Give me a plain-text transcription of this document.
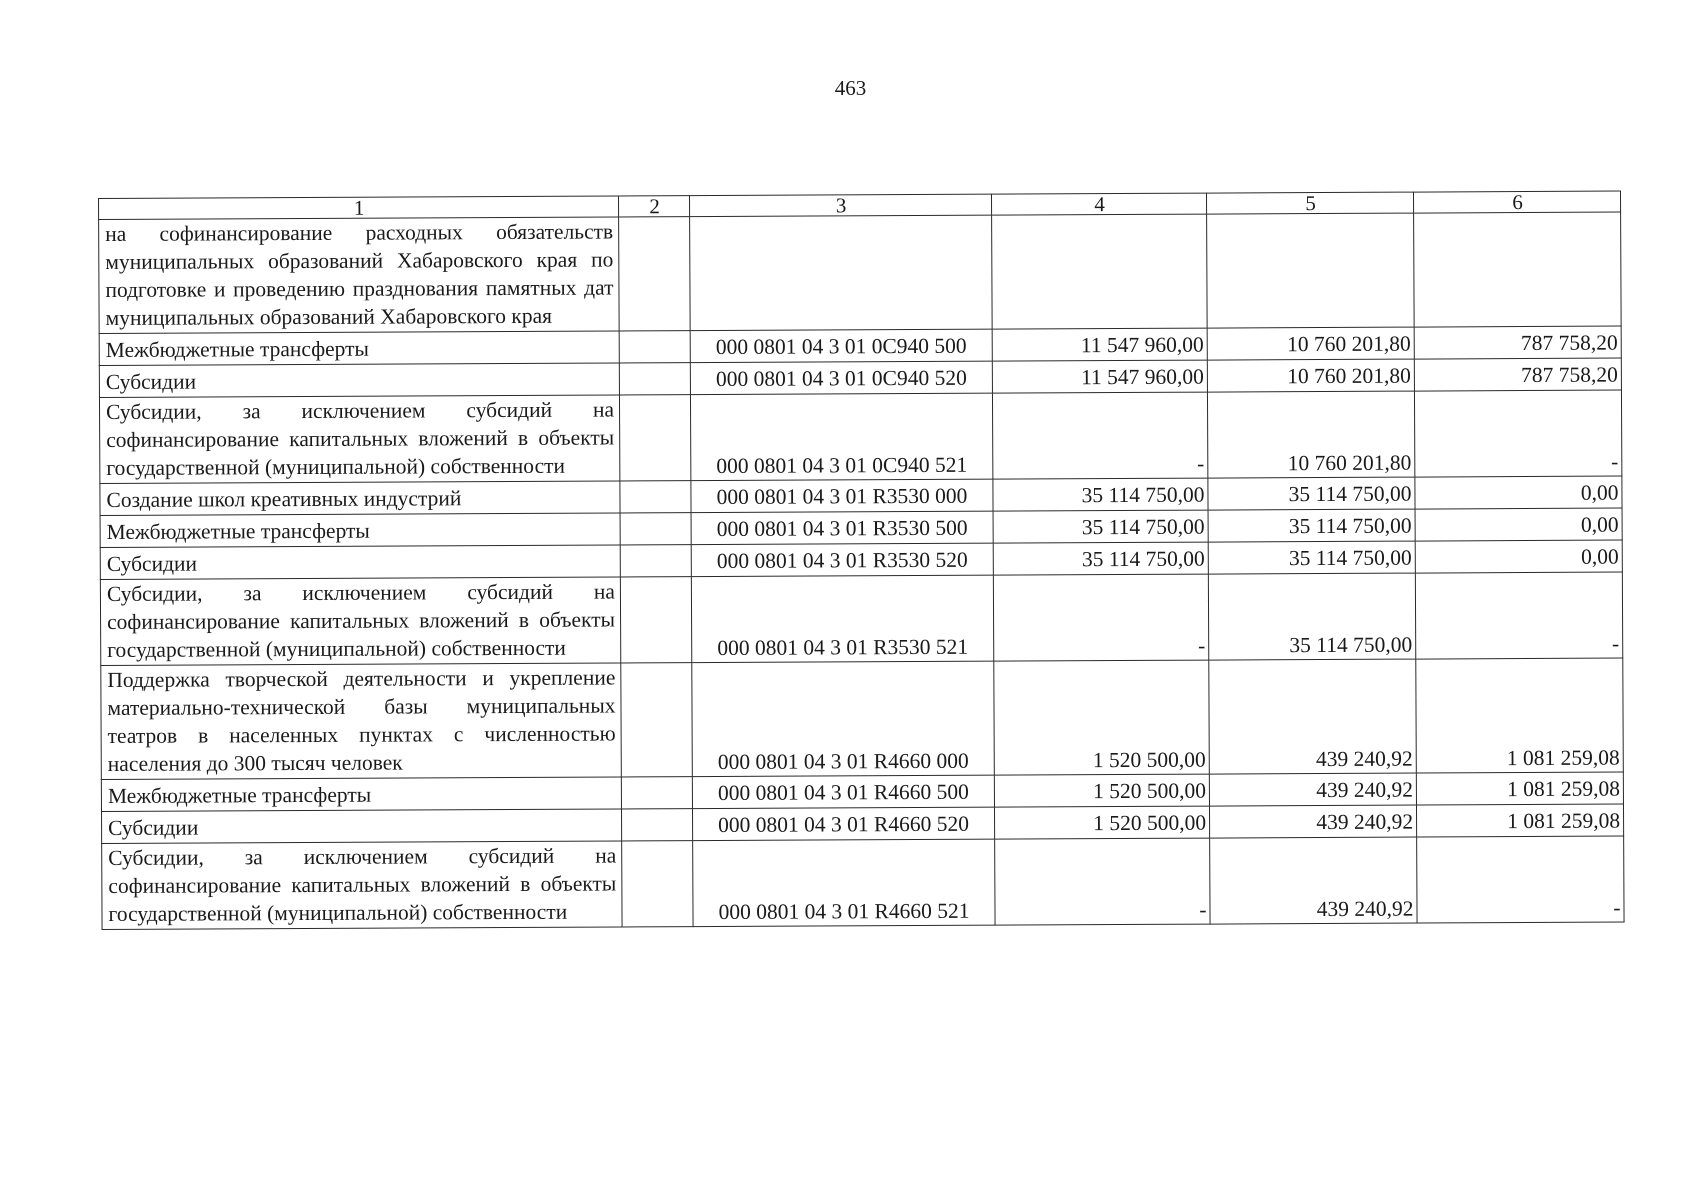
463
1	2	3	4	5	6
на софинансирование расходных обязательств муниципальных образований Хабаровского края по подготовке и проведению празднования памятных дат муниципальных образований Хабаровского края					
Межбюджетные трансферты		000 0801 04 3 01 0С940 500	11 547 960,00	10 760 201,80	787 758,20
Субсидии		000 0801 04 3 01 0С940 520	11 547 960,00	10 760 201,80	787 758,20
Субсидии, за исключением субсидий на софинансирование капитальных вложений в объекты государственной (муниципальной) собственности		000 0801 04 3 01 0С940 521	-	10 760 201,80	-
Создание школ креативных индустрий		000 0801 04 3 01 R3530 000	35 114 750,00	35 114 750,00	0,00
Межбюджетные трансферты		000 0801 04 3 01 R3530 500	35 114 750,00	35 114 750,00	0,00
Субсидии		000 0801 04 3 01 R3530 520	35 114 750,00	35 114 750,00	0,00
Субсидии, за исключением субсидий на софинансирование капитальных вложений в объекты государственной (муниципальной) собственности		000 0801 04 3 01 R3530 521	-	35 114 750,00	-
Поддержка творческой деятельности и укрепление материально-технической базы муниципальных театров в населенных пунктах с численностью населения до 300 тысяч человек		000 0801 04 3 01 R4660 000	1 520 500,00	439 240,92	1 081 259,08
Межбюджетные трансферты		000 0801 04 3 01 R4660 500	1 520 500,00	439 240,92	1 081 259,08
Субсидии		000 0801 04 3 01 R4660 520	1 520 500,00	439 240,92	1 081 259,08
Субсидии, за исключением субсидий на софинансирование капитальных вложений в объекты государственной (муниципальной) собственности		000 0801 04 3 01 R4660 521	-	439 240,92	-
